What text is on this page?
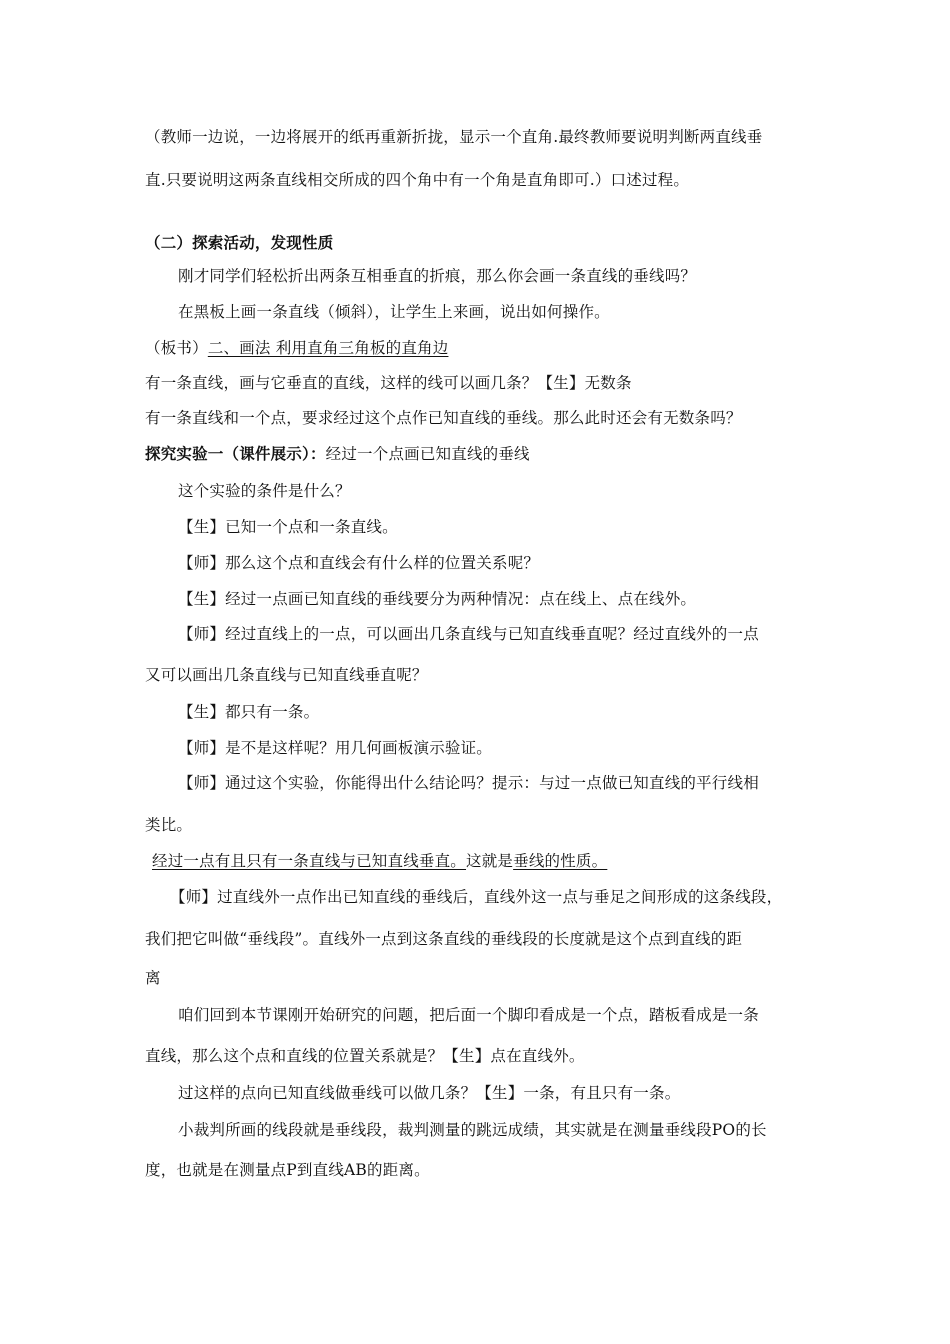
（教师一边说，一边将展开的纸再重新折拢，显示一个直角.最终教师要说明判断两直线垂
直.只要说明这两条直线相交所成的四个角中有一个角是直角即可.）口述过程。
（二）探索活动，发现性质
刚才同学们轻松折出两条互相垂直的折痕，那么你会画一条直线的垂线吗？
在黑板上画一条直线（倾斜），让学生上来画，说出如何操作。
（板书）二、画法 利用直角三角板的直角边
有一条直线，画与它垂直的直线，这样的线可以画几条？【生】无数条
有一条直线和一个点，要求经过这个点作已知直线的垂线。那么此时还会有无数条吗？
探究实验一（课件展示）：经过一个点画已知直线的垂线
这个实验的条件是什么？
【生】已知一个点和一条直线。
【师】那么这个点和直线会有什么样的位置关系呢？
【生】经过一点画已知直线的垂线要分为两种情况：点在线上、点在线外。
【师】经过直线上的一点，可以画出几条直线与已知直线垂直呢？经过直线外的一点
又可以画出几条直线与已知直线垂直呢？
【生】都只有一条。
【师】是不是这样呢？用几何画板演示验证。
【师】通过这个实验，你能得出什么结论吗？提示：与过一点做已知直线的平行线相
类比。
经过一点有且只有一条直线与已知直线垂直。这就是垂线的性质。
【师】过直线外一点作出已知直线的垂线后，直线外这一点与垂足之间形成的这条线段，
我们把它叫做“垂线段”。直线外一点到这条直线的垂线段的长度就是这个点到直线的距
离
咱们回到本节课刚开始研究的问题，把后面一个脚印看成是一个点，踏板看成是一条
直线，那么这个点和直线的位置关系就是？【生】点在直线外。
过这样的点向已知直线做垂线可以做几条？【生】一条，有且只有一条。
小裁判所画的线段就是垂线段，裁判测量的跳远成绩，其实就是在测量垂线段PO的长
度，也就是在测量点P到直线AB的距离。
